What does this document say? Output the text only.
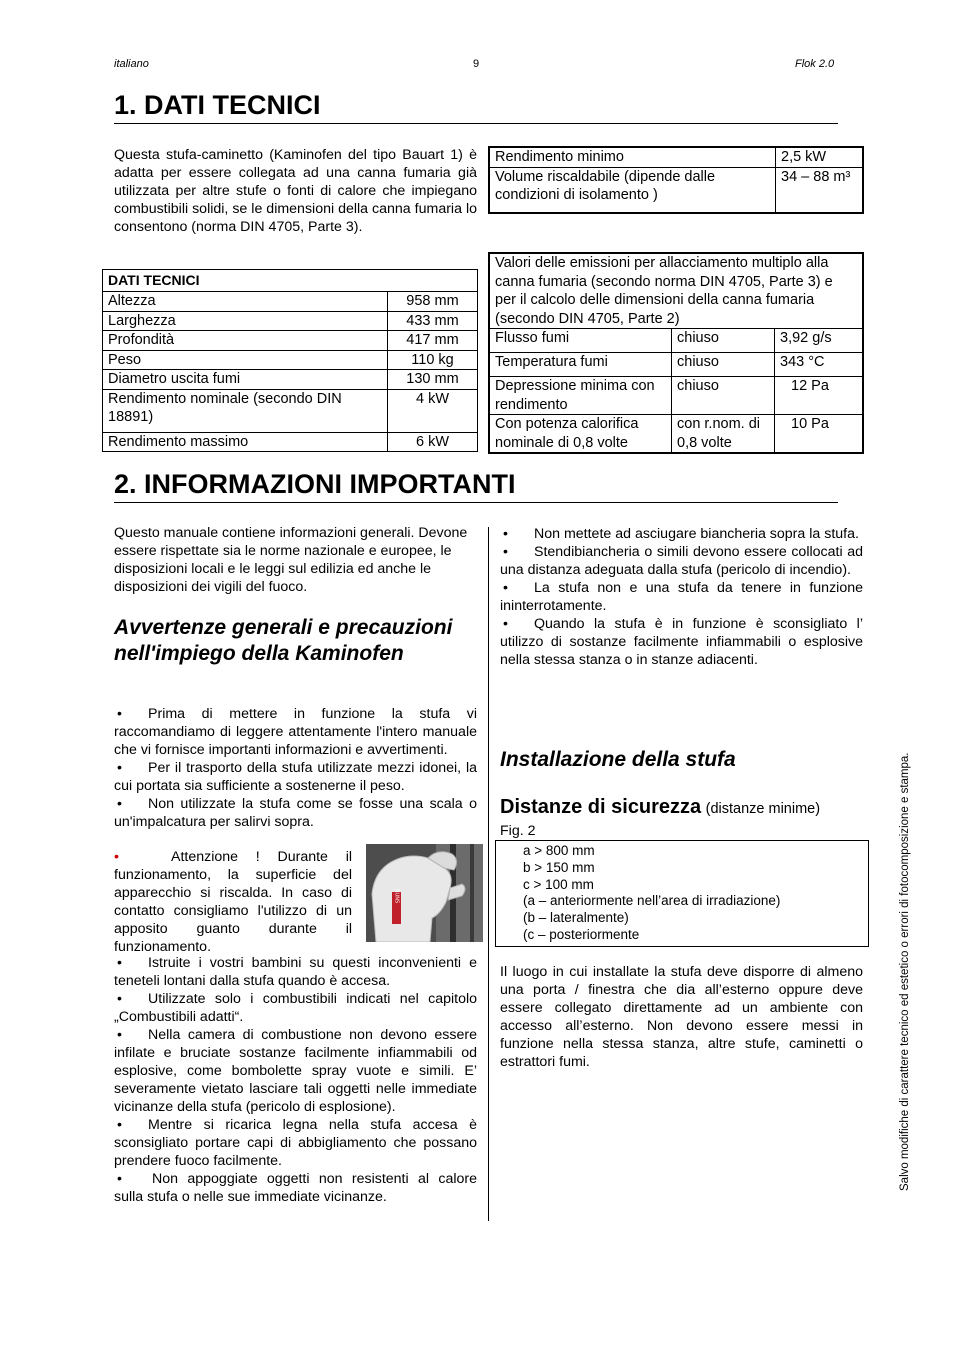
italiano	9	Flok 2.0
1. DATI TECNICI
Questa stufa-caminetto (Kaminofen del tipo Bauart 1) è adatta per essere collegata ad una canna fumaria già utilizzata per altre stufe o fonti di calore che impiegano combustibili solidi, se le dimensioni della canna fumaria lo consentono (norma DIN 4705, Parte 3).
Rendimento minimo	2,5 kW
Volume riscaldabile (dipende dalle condizioni di isolamento )	34 – 88 m³
DATI TECNICI	
Altezza	958 mm
Larghezza	433 mm
Profondità	417 mm
Peso	110 kg
Diametro uscita fumi	130 mm
Rendimento nominale (secondo DIN 18891)	4 kW
Rendimento massimo	6 kW
Valori delle emissioni per allacciamento multiplo alla canna fumaria (secondo norma DIN 4705, Parte 3) e per il calcolo delle dimensioni della canna fumaria (secondo DIN 4705, Parte 2)		
Flusso fumi	chiuso	3,92 g/s
Temperatura fumi	chiuso	343 °C
Depressione minima con rendimento	chiuso	12 Pa
Con potenza calorifica nominale di 0,8 volte	con r.nom. di 0,8 volte	10 Pa
2. INFORMAZIONI IMPORTANTI
Questo manuale contiene informazioni generali. Devone essere rispettate sia le norme nazionale e europee, le disposizioni locali e le leggi sul edilizia ed anche le disposizioni dei vigili del fuoco.
Avvertenze generali e precauzioni nell'impiego della Kaminofen
• Prima di mettere in funzione la stufa vi raccomandiamo di leggere attentamente l'intero manuale che vi fornisce importanti informazioni e avvertimenti.
• Per il trasporto della stufa utilizzate mezzi idonei, la cui portata sia sufficiente a sostenerne il peso.
• Non utilizzate la stufa come se fosse una scala o un'impalcatura per salirvi sopra.
•	Attenzione ! Durante il funzionamento, la superficie del apparecchio si riscalda. In caso di contatto consigliamo l'utilizzo di un apposito guanto durante il funzionamento.
NUNS
• Istruite i vostri bambini su questi inconvenienti e teneteli lontani dalla stufa quando è accesa.
• Utilizzate solo i combustibili indicati nel capitolo „Combustibili adatti“.
• Nella camera di combustione non devono essere infilate e bruciate sostanze facilmente infiammabili od esplosive, come bombolette spray vuote e simili. E’ severamente vietato lasciare tali oggetti nelle immediate vicinanze della stufa (pericolo di esplosione).
• Mentre si ricarica legna nella stufa accesa è sconsigliato portare capi di abbigliamento che possano prendere fuoco facilmente.
• Non appoggiate oggetti non resistenti al calore sulla stufa o nelle sue immediate vicinanze.
• Non mettete ad asciugare biancheria sopra la stufa.
• Stendibiancheria o simili devono essere collocati ad una distanza adeguata dalla stufa (pericolo di incendio).
• La stufa non e una stufa da tenere in funzione ininterrotamente.
• Quando la stufa è in funzione è sconsigliato l’ utilizzo di sostanze facilmente infiammabili o esplosive nella stessa stanza o in stanze adiacenti.
Installazione della stufa
Distanze di sicurezza (distanze minime)
Fig. 2
a > 800 mm
b > 150 mm
c > 100 mm
(a – anteriormente nell’area di irradiazione)
(b – lateralmente)
(c – posteriormente
Il luogo in cui installate la stufa deve disporre di almeno una porta / finestra che dia all’esterno oppure deve essere collegato direttamente ad un ambiente con accesso all’esterno. Non devono essere messi in funzione nella stessa stanza, altre stufe, caminetti o estrattori fumi.	Salvo modifiche di carattere tecnico ed estetico o errori di fotocomposizione e stampa.
